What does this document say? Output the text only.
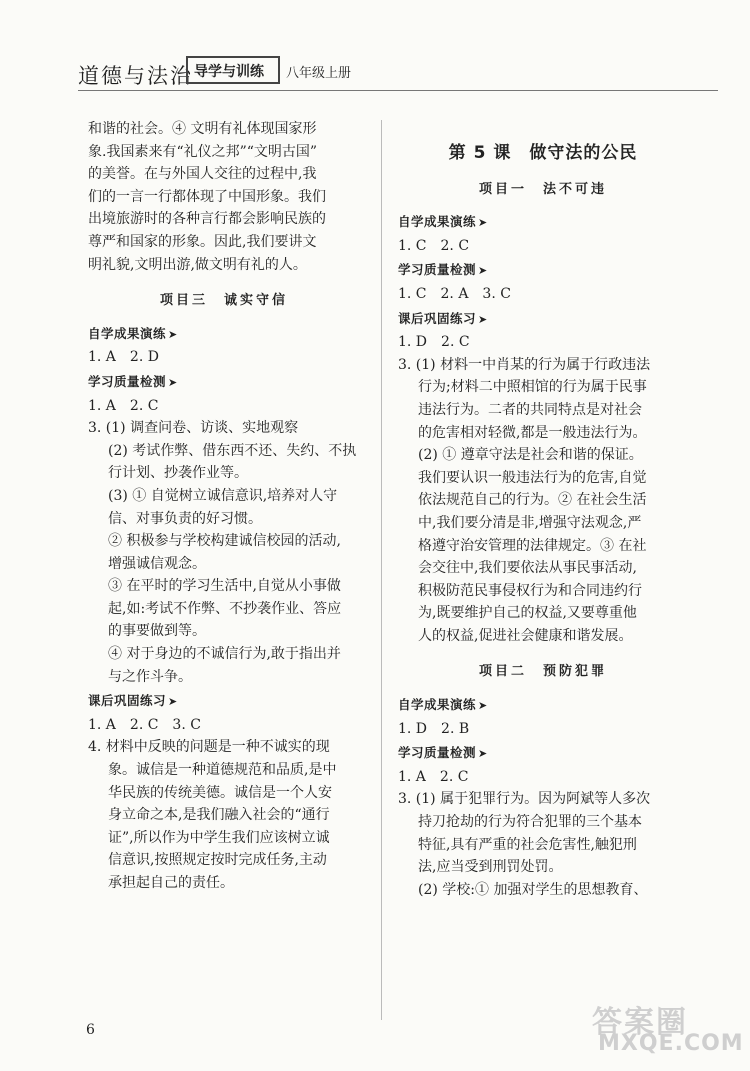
道德与法治 导学与训练 八年级上册

和谐的社会。④ 文明有礼体现国家形

象.我国素来有“礼仪之邦”“文明古国”

的美誉。在与外国人交往的过程中,我

们的一言一行都体现了中国形象。我们

出境旅游时的各种言行都会影响民族的

尊严和国家的形象。因此,我们要讲文

明礼貌,文明出游,做文明有礼的人。

项目三　诚实守信
自学成果演练 ➤

1. A　2. D

学习质量检测 ➤

1. A　2. C

3. (1) 调查问卷、访谈、实地观察

(2) 考试作弊、借东西不还、失约、不执

行计划、抄袭作业等。

(3) ① 自觉树立诚信意识,培养对人守

信、对事负责的好习惯。

② 积极参与学校构建诚信校园的活动,

增强诚信观念。

③ 在平时的学习生活中,自觉从小事做

起,如:考试不作弊、不抄袭作业、答应

的事要做到等。

④ 对于身边的不诚信行为,敢于指出并

与之作斗争。

课后巩固练习 ➤

1. A　2. C　3. C

4. 材料中反映的问题是一种不诚实的现

象。诚信是一种道德规范和品质,是中

华民族的传统美德。诚信是一个人安

身立命之本,是我们融入社会的“通行

证”,所以作为中学生我们应该树立诚

信意识,按照规定按时完成任务,主动

承担起自己的责任。

第 5 课　做守法的公民
项目一　法不可违
自学成果演练 ➤

1. C　2. C

学习质量检测 ➤

1. C　2. A　3. C

课后巩固练习 ➤

1. D　2. C

3. (1) 材料一中肖某的行为属于行政违法

行为;材料二中照相馆的行为属于民事

违法行为。二者的共同特点是对社会

的危害相对轻微,都是一般违法行为。

(2) ① 遵章守法是社会和谐的保证。

我们要认识一般违法行为的危害,自觉

依法规范自己的行为。② 在社会生活

中,我们要分清是非,增强守法观念,严

格遵守治安管理的法律规定。③ 在社

会交往中,我们要依法从事民事活动,

积极防范民事侵权行为和合同违约行

为,既要维护自己的权益,又要尊重他

人的权益,促进社会健康和谐发展。

项目二　预防犯罪
自学成果演练 ➤

1. D　2. B

学习质量检测 ➤

1. A　2. C

3. (1) 属于犯罪行为。因为阿斌等人多次

持刀抢劫的行为符合犯罪的三个基本

特征,具有严重的社会危害性,触犯刑

法,应当受到刑罚处罚。

(2) 学校:① 加强对学生的思想教育、

6	答案圈
MXQE.COM
